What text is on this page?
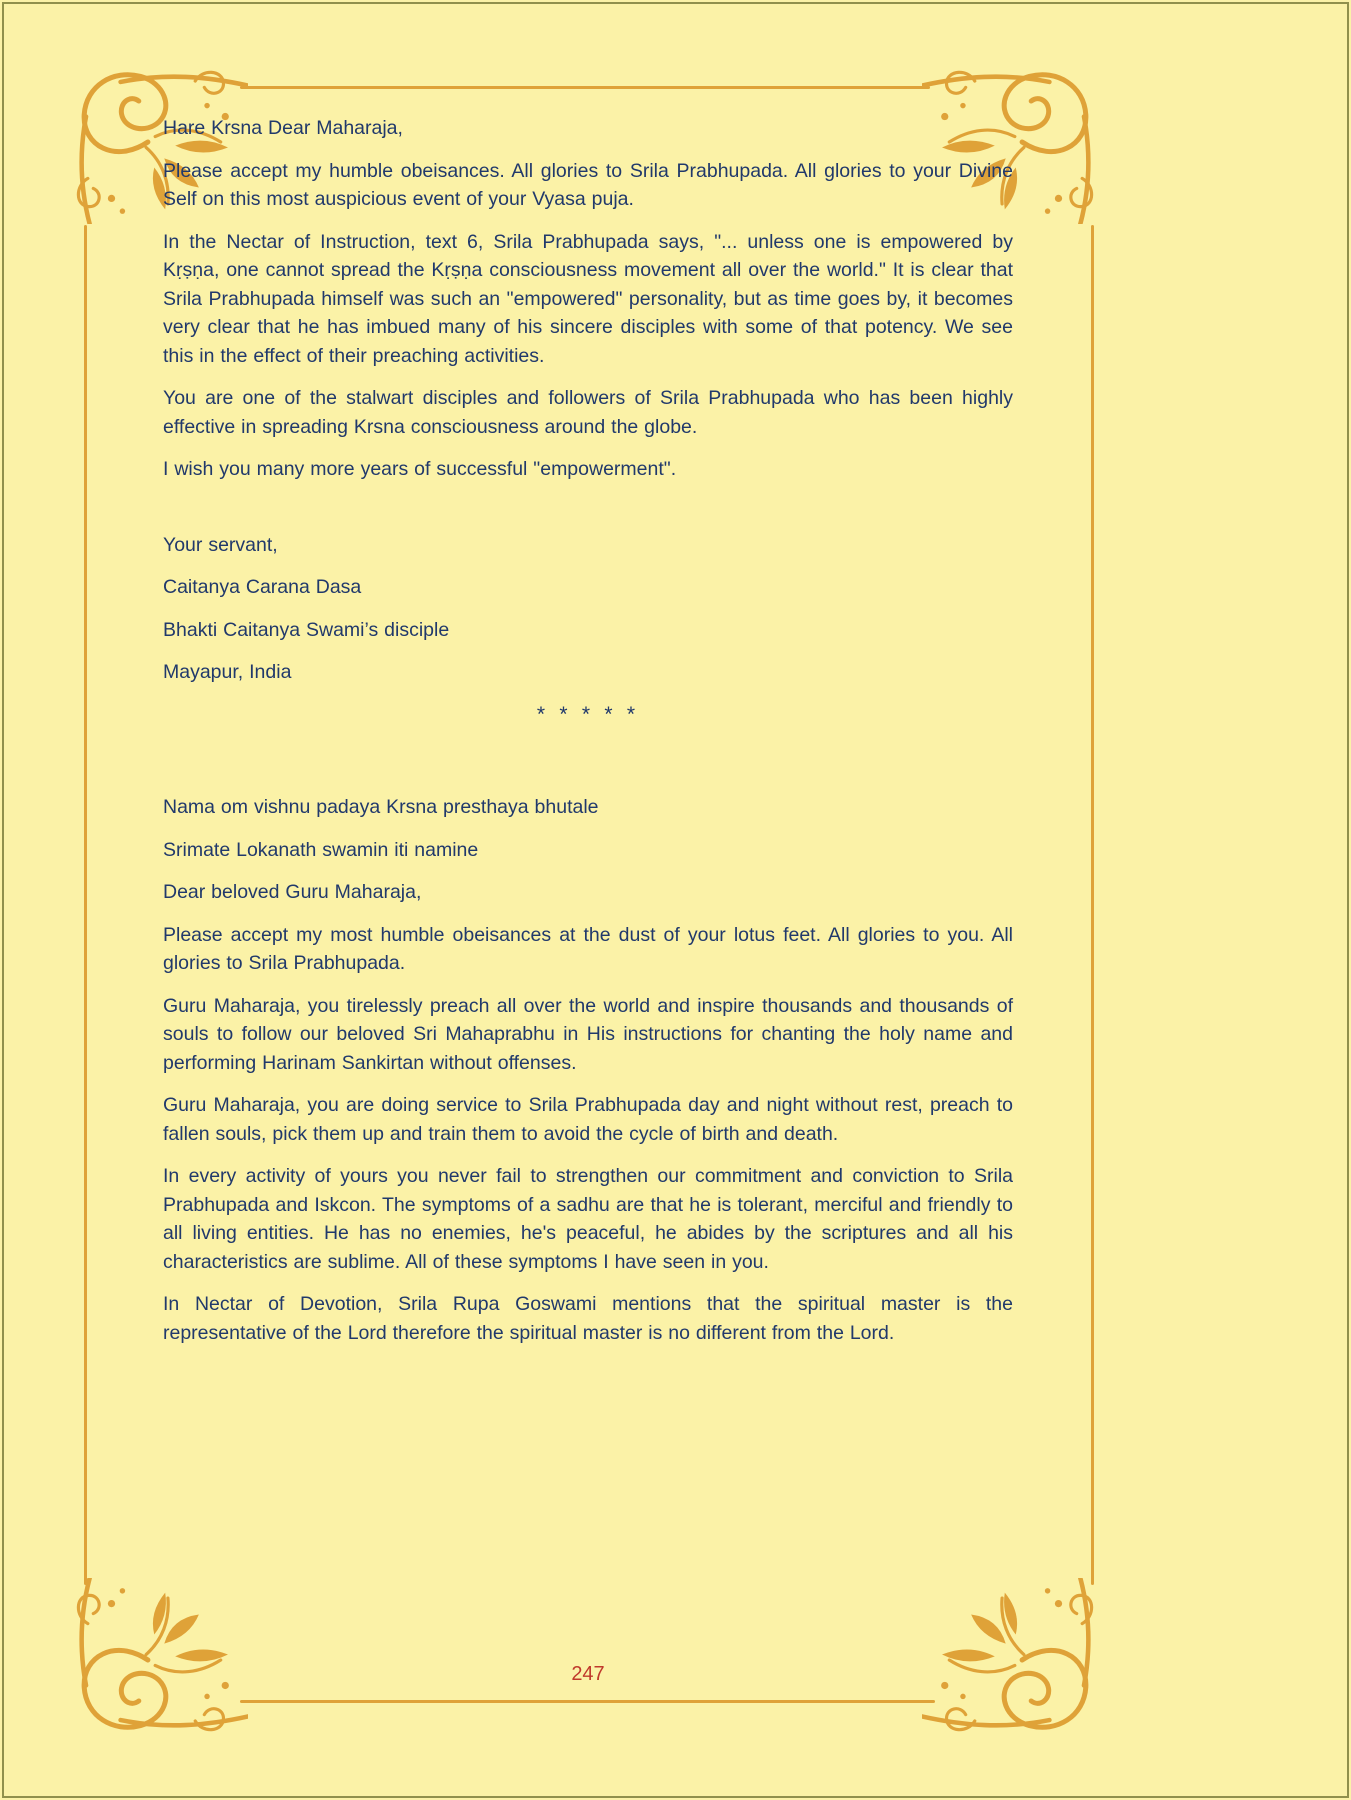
Hare Krsna Dear Maharaja,

Please accept my humble obeisances. All glories to Srila Prabhupada. All glories to your Divine Self on this most auspicious event of your Vyasa puja.

In the Nectar of Instruction, text 6, Srila Prabhupada says, "... unless one is empowered by Kṛṣṇa, one cannot spread the Kṛṣṇa consciousness movement all over the world." It is clear that Srila Prabhupada himself was such an "empowered" personality, but as time goes by, it becomes very clear that he has imbued many of his sincere disciples with some of that potency. We see this in the effect of their preaching activities.

You are one of the stalwart disciples and followers of Srila Prabhupada who has been highly effective in spreading Krsna consciousness around the globe.

I wish you many more years of successful "empowerment".

Your servant,

Caitanya Carana Dasa

Bhakti Caitanya Swami’s disciple

Mayapur, India

* * * * *

Nama om vishnu padaya Krsna presthaya bhutale

Srimate Lokanath swamin iti namine

Dear beloved Guru Maharaja,

Please accept my most humble obeisances at the dust of your lotus feet. All glories to you. All glories to Srila Prabhupada.

Guru Maharaja, you tirelessly preach all over the world and inspire thousands and thousands of souls to follow our beloved Sri Mahaprabhu in His instructions for chanting the holy name and performing Harinam Sankirtan without offenses.

Guru Maharaja, you are doing service to Srila Prabhupada day and night without rest, preach to fallen souls, pick them up and train them to avoid the cycle of birth and death.

In every activity of yours you never fail to strengthen our commitment and conviction to Srila Prabhupada and Iskcon. The symptoms of a sadhu are that he is tolerant, merciful and friendly to all living entities. He has no enemies, he's peaceful, he abides by the scriptures and all his characteristics are sublime. All of these symptoms I have seen in you.

In Nectar of Devotion, Srila Rupa Goswami mentions that the spiritual master is the representative of the Lord therefore the spiritual master is no different from the Lord.

247
